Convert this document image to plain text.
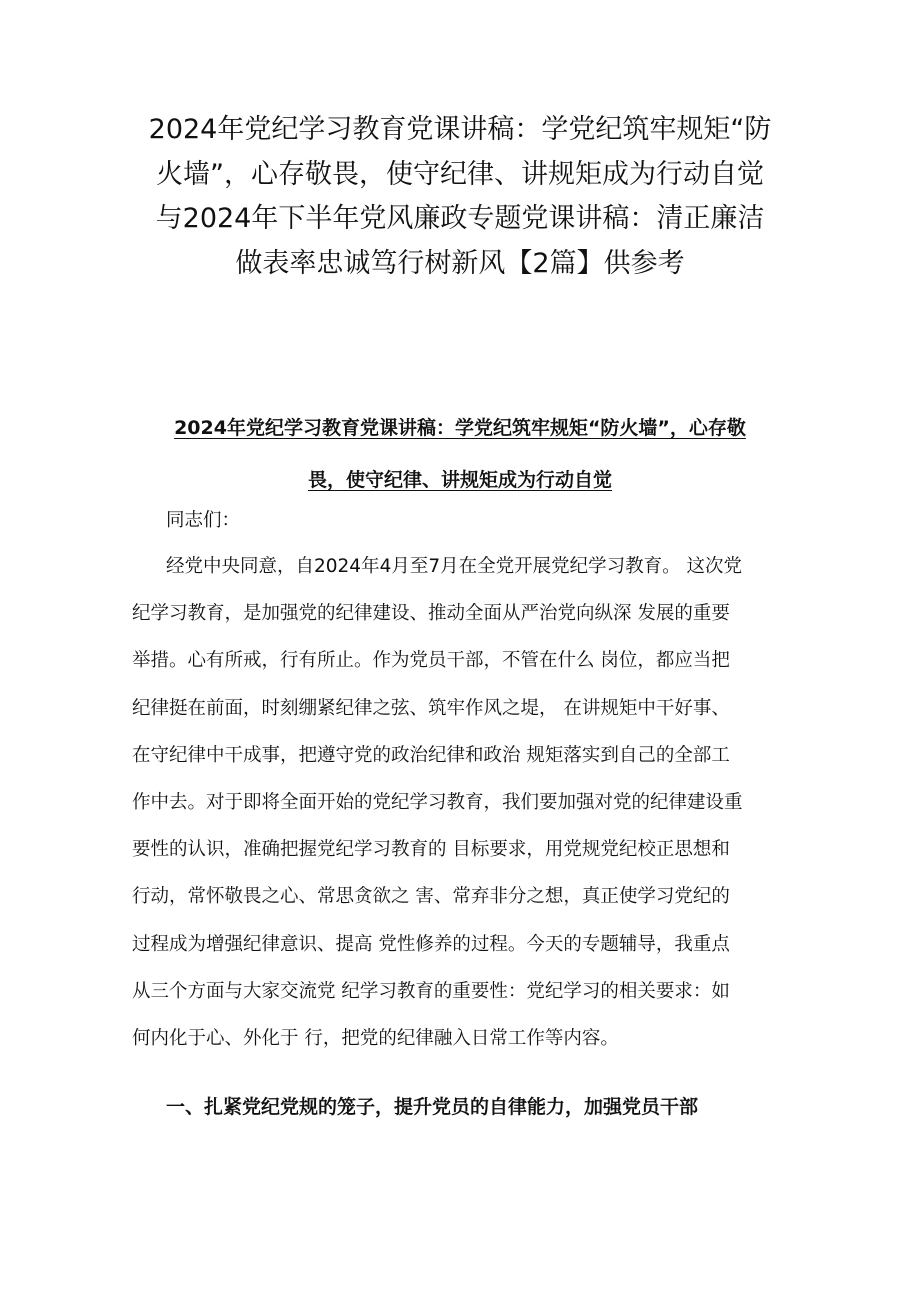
2024年党纪学习教育党课讲稿：学党纪筑牢规矩“防
火墙”，心存敬畏，使守纪律、讲规矩成为行动自觉
与2024年下半年党风廉政专题党课讲稿：清正廉洁
做表率忠诚笃行树新风【2篇】供参考
2024年党纪学习教育党课讲稿：学党纪筑牢规矩“防火墙”，心存敬
畏，使守纪律、讲规矩成为行动自觉

同志们：

经党中央同意，自2024年4月至7月在全党开展党纪学习教育。 这次党
纪学习教育，是加强党的纪律建设、推动全面从严治党向纵深 发展的重要
举措。心有所戒，行有所止。作为党员干部，不管在什么 岗位，都应当把
纪律挺在前面，时刻绷紧纪律之弦、筑牢作风之堤， 在讲规矩中干好事、
在守纪律中干成事，把遵守党的政治纪律和政治 规矩落实到自己的全部工
作中去。对于即将全面开始的党纪学习教育，我们要加强对党的纪律建设重
要性的认识，准确把握党纪学习教育的 目标要求，用党规党纪校正思想和
行动，常怀敬畏之心、常思贪欲之 害、常弃非分之想，真正使学习党纪的
过程成为增强纪律意识、提高 党性修养的过程。今天的专题辅导，我重点
从三个方面与大家交流党 纪学习教育的重要性：党纪学习的相关要求：如
何内化于心、外化于 行，把党的纪律融入日常工作等内容。

一、扎紧党纪党规的笼子，提升党员的自律能力，加强党员干部
